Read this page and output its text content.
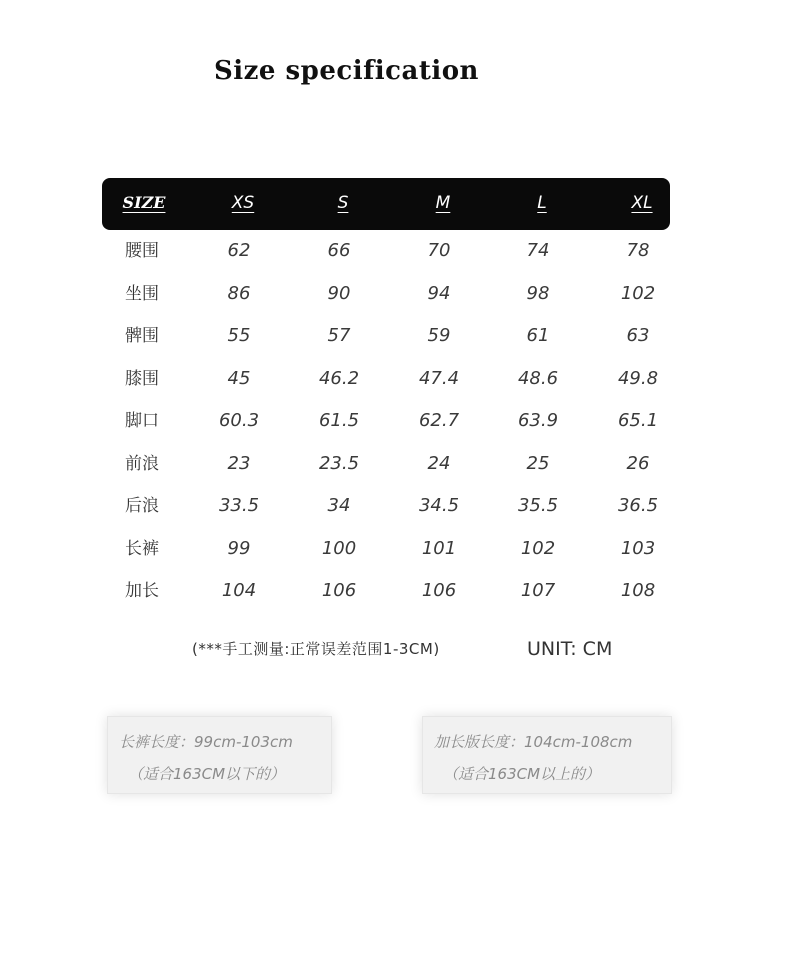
Size specification
SIZE	XS	S	M	L	XL
腰围	62	66	70	74	78
坐围	86	90	94	98	102
髀围	55	57	59	61	63
膝围	45	46.2	47.4	48.6	49.8
脚口	60.3	61.5	62.7	63.9	65.1
前浪	23	23.5	24	25	26
后浪	33.5	34	34.5	35.5	36.5
长裤	99	100	101	102	103
加长	104	106	106	107	108
(***手工测量:正常误差范围1-3CM)	UNIT: CM
长裤长度：99cm-103cm
（适合163CM以下的）
加长版长度：104cm-108cm
（适合163CM以上的）
